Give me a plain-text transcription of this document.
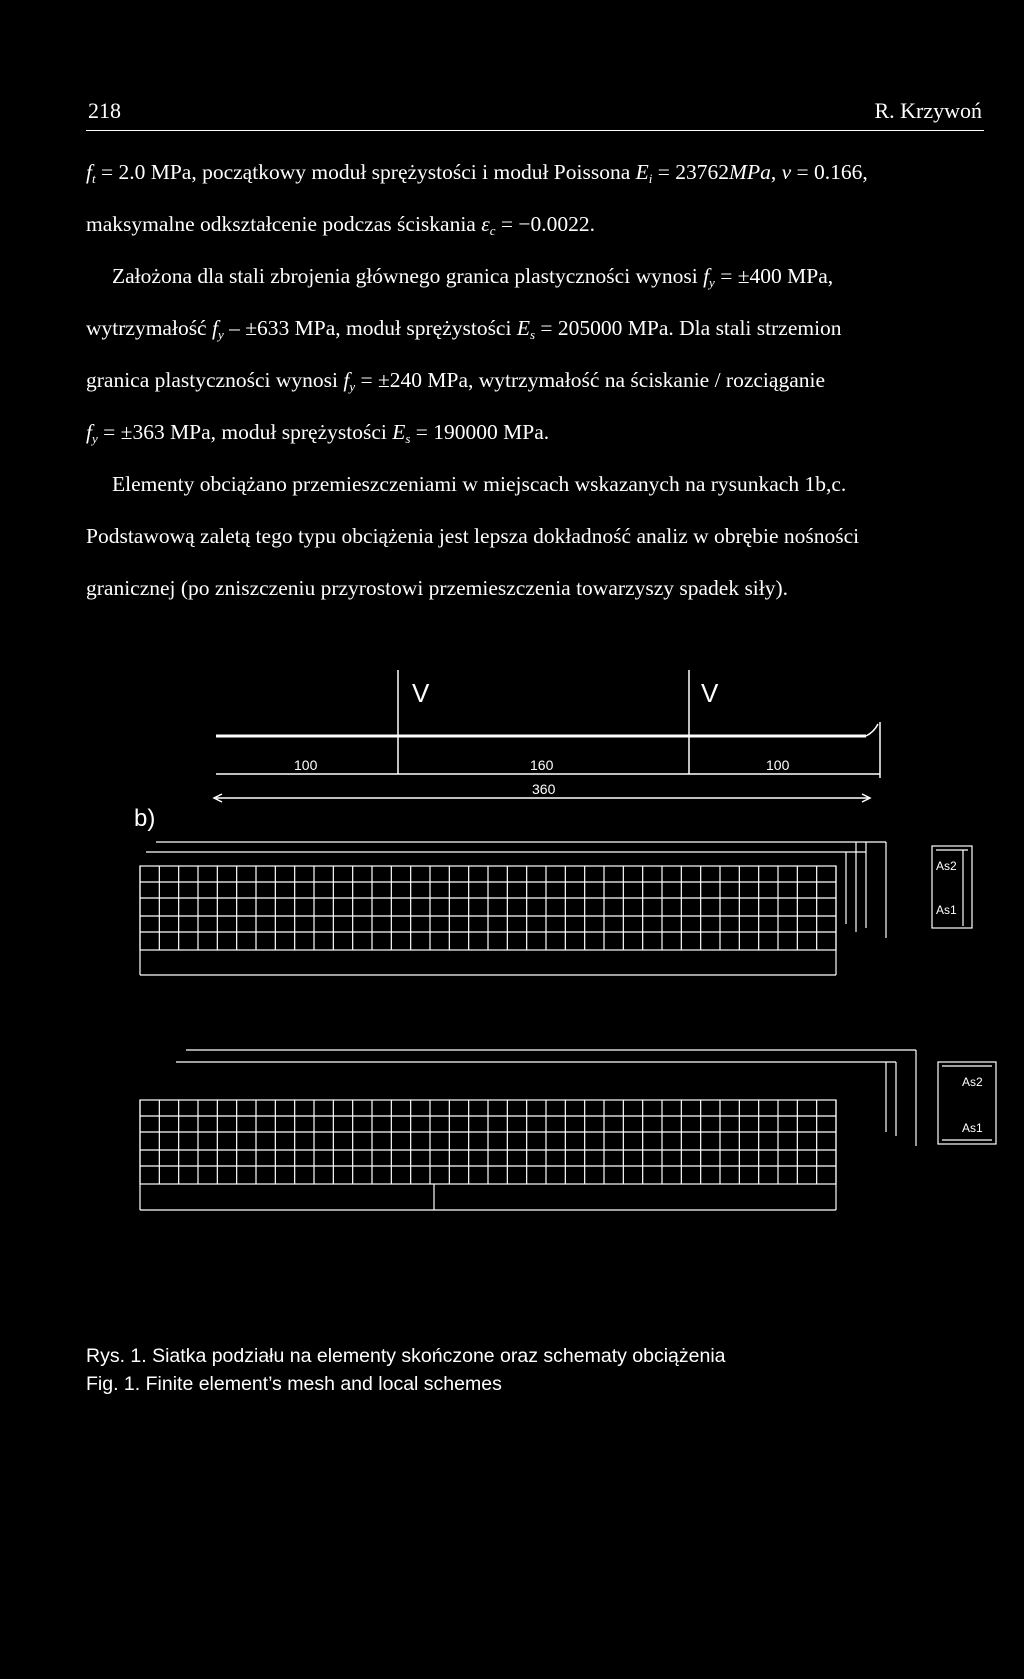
218	R. Krzywoń
$f_t = 2.0$ MPa, początkowy moduł sprężystości i moduł Poissona $E_i = 23762MPa$, ν = 0.166,
maksymalne odkształcenie podczas ściskania $\varepsilon_c = -0.0022$.
Założona dla stali zbrojenia głównego granica plastyczności wynosi $f_y = \pm 400$ MPa,
wytrzymałość $f_y - \pm 633$ MPa, moduł sprężystości $E_s = 205000$ MPa. Dla stali strzemion
granica plastyczności wynosi $f_y = \pm 240$ MPa, wytrzymałość na ściskanie / rozciąganie
$f_y = \pm 363$ MPa, moduł sprężystości $E_s = 190000$ MPa.
Elementy obciążano przemieszczeniami w miejscach wskazanych na rysunkach 1b,c.
Podstawową zaletą tego typu obciążenia jest lepsza dokładność analiz w obrębie nośności
granicznej (po zniszczeniu przyrostowi przemieszczenia towarzyszy spadek siły).
V	V
100	160	100
360
b)
As2
As1
As2
As1
Rys. 1. Siatka podziału na elementy skończone oraz schematy obciążenia
Fig. 1. Finite element’s mesh and local schemes
